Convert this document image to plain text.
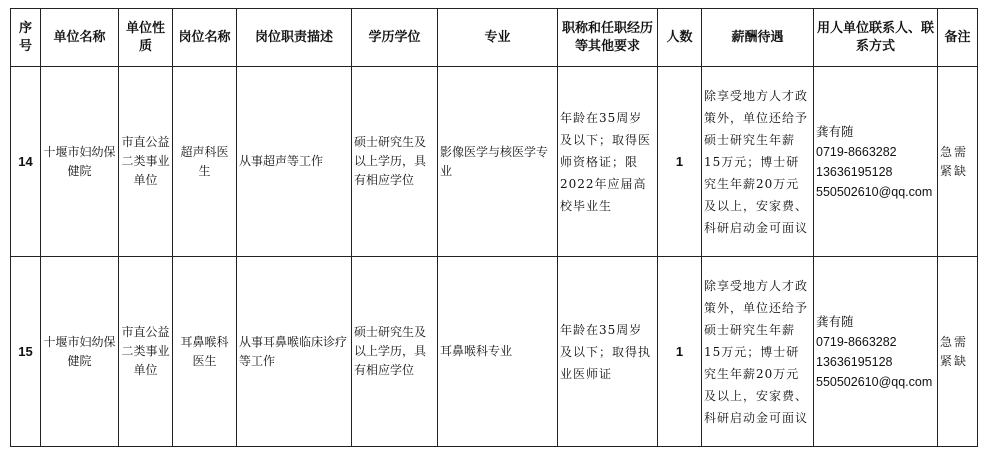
序号	单位名称	单位性质	岗位名称	岗位职责描述	学历学位	专业	职称和任职经历等其他要求	人数	薪酬待遇	用人单位联系人、联系方式	备注
14	十堰市妇幼保健院	市直公益二类事业单位	超声科医生	从事超声等工作	硕士研究生及以上学历，具有相应学位	影像医学与核医学专业	年龄在35周岁及以下；取得医师资格证；限2022年应届高校毕业生	1	除享受地方人才政策外，单位还给予硕士研究生年薪15万元；博士研究生年薪20万元及以上，安家费、科研启动金可面议	龚有随
0719-8663282
13636195128
550502610@qq.com	急需紧缺
15	十堰市妇幼保健院	市直公益二类事业单位	耳鼻喉科医生	从事耳鼻喉临床诊疗等工作	硕士研究生及以上学历，具有相应学位	耳鼻喉科专业	年龄在35周岁及以下；取得执业医师证	1	除享受地方人才政策外，单位还给予硕士研究生年薪15万元；博士研究生年薪20万元及以上，安家费、科研启动金可面议	龚有随
0719-8663282
13636195128
550502610@qq.com	急需紧缺
